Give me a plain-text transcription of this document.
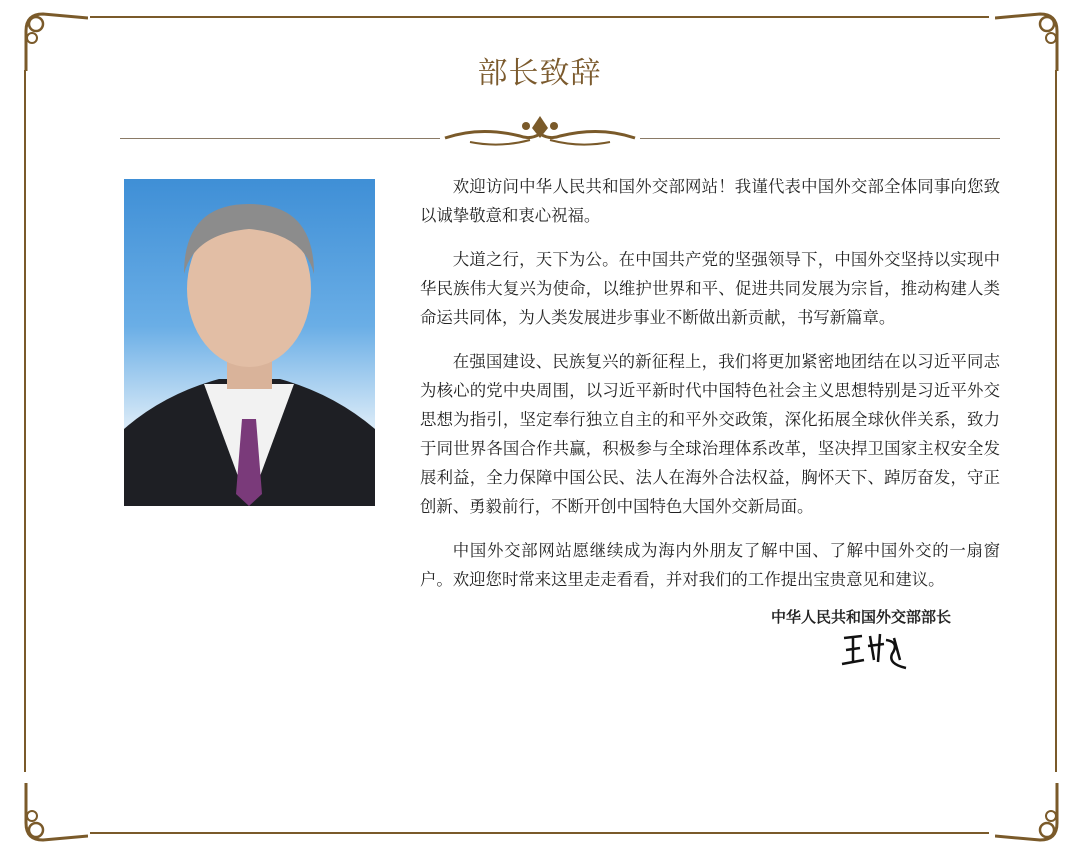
部长致辞

欢迎访问中华人民共和国外交部网站！我谨代表中国外交部全体同事向您致以诚挚敬意和衷心祝福。

大道之行，天下为公。在中国共产党的坚强领导下，中国外交坚持以实现中华民族伟大复兴为使命，以维护世界和平、促进共同发展为宗旨，推动构建人类命运共同体，为人类发展进步事业不断做出新贡献，书写新篇章。

在强国建设、民族复兴的新征程上，我们将更加紧密地团结在以习近平同志为核心的党中央周围，以习近平新时代中国特色社会主义思想特别是习近平外交思想为指引，坚定奉行独立自主的和平外交政策，深化拓展全球伙伴关系，致力于同世界各国合作共赢，积极参与全球治理体系改革，坚决捍卫国家主权安全发展利益，全力保障中国公民、法人在海外合法权益，胸怀天下、踔厉奋发，守正创新、勇毅前行，不断开创中国特色大国外交新局面。

中国外交部网站愿继续成为海内外朋友了解中国、了解中国外交的一扇窗户。欢迎您时常来这里走走看看，并对我们的工作提出宝贵意见和建议。

中华人民共和国外交部部长
